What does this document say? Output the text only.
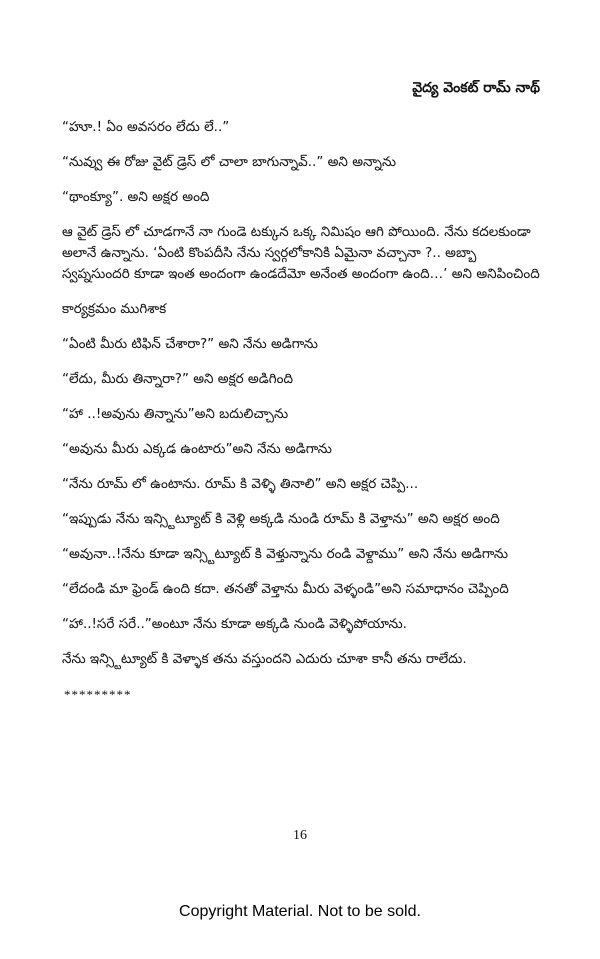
వైద్య వెంకట్ రామ్ నాథ్

“హూ.! ఏం అవసరం లేదు లే..”

“నువ్వు ఈ రోజు వైట్ డ్రెస్ లో చాలా బాగున్నావ్..” అని అన్నాను

“థాంక్యూ”. అని అక్షర అంది

ఆ వైట్ డ్రెస్ లో చూడగానే నా గుండె టక్కున ఒక్క నిమిషం ఆగి పోయింది. నేను కదలకుండా అలానే ఉన్నాను. ‘ఏంటి కొంపదీసి నేను స్వర్గలోకానికి ఏమైనా వచ్చానా ?.. అబ్బా స్వప్నసుందరి కూడా ఇంత అందంగా ఉండదేమో అనేంత అందంగా ఉంది…’ అని అనిపించింది

కార్యక్రమం ముగిశాక

“ఏంటి మీరు టిఫిన్ చేశారా?” అని నేను అడిగాను

“లేదు, మీరు తిన్నారా?” అని అక్షర అడిగింది

“హా ..!అవును తిన్నాను”అని బదులిచ్చాను

“అవును మీరు ఎక్కడ ఉంటారు”అని నేను అడిగాను

“నేను రూమ్ లో ఉంటాను. రూమ్ కి వెళ్ళి తినాలి” అని అక్షర చెప్పి...

“ఇప్పుడు నేను ఇన్స్టిట్యూట్ కి వెళ్లి అక్కడి నుండి రూమ్ కి వెళ్తాను” అని అక్షర అంది

“అవునా..!నేను కూడా ఇన్స్టిట్యూట్ కి వెళ్తున్నాను రండి వెళ్దాము” అని నేను అడిగాను

“లేదండి మా ఫ్రెండ్ ఉంది కదా. తనతో వెళ్తాను మీరు వెళ్ళండి”అని సమాధానం చెప్పింది

“హా..!సరే సరే..”అంటూ నేను కూడా అక్కడి నుండి వెళ్ళిపోయాను.

నేను ఇన్స్టిట్యూట్ కి వెళ్ళాక తను వస్తుందని ఎదురు చూశా కానీ తను రాలేదు.

*********

16
Copyright Material. Not to be sold.
